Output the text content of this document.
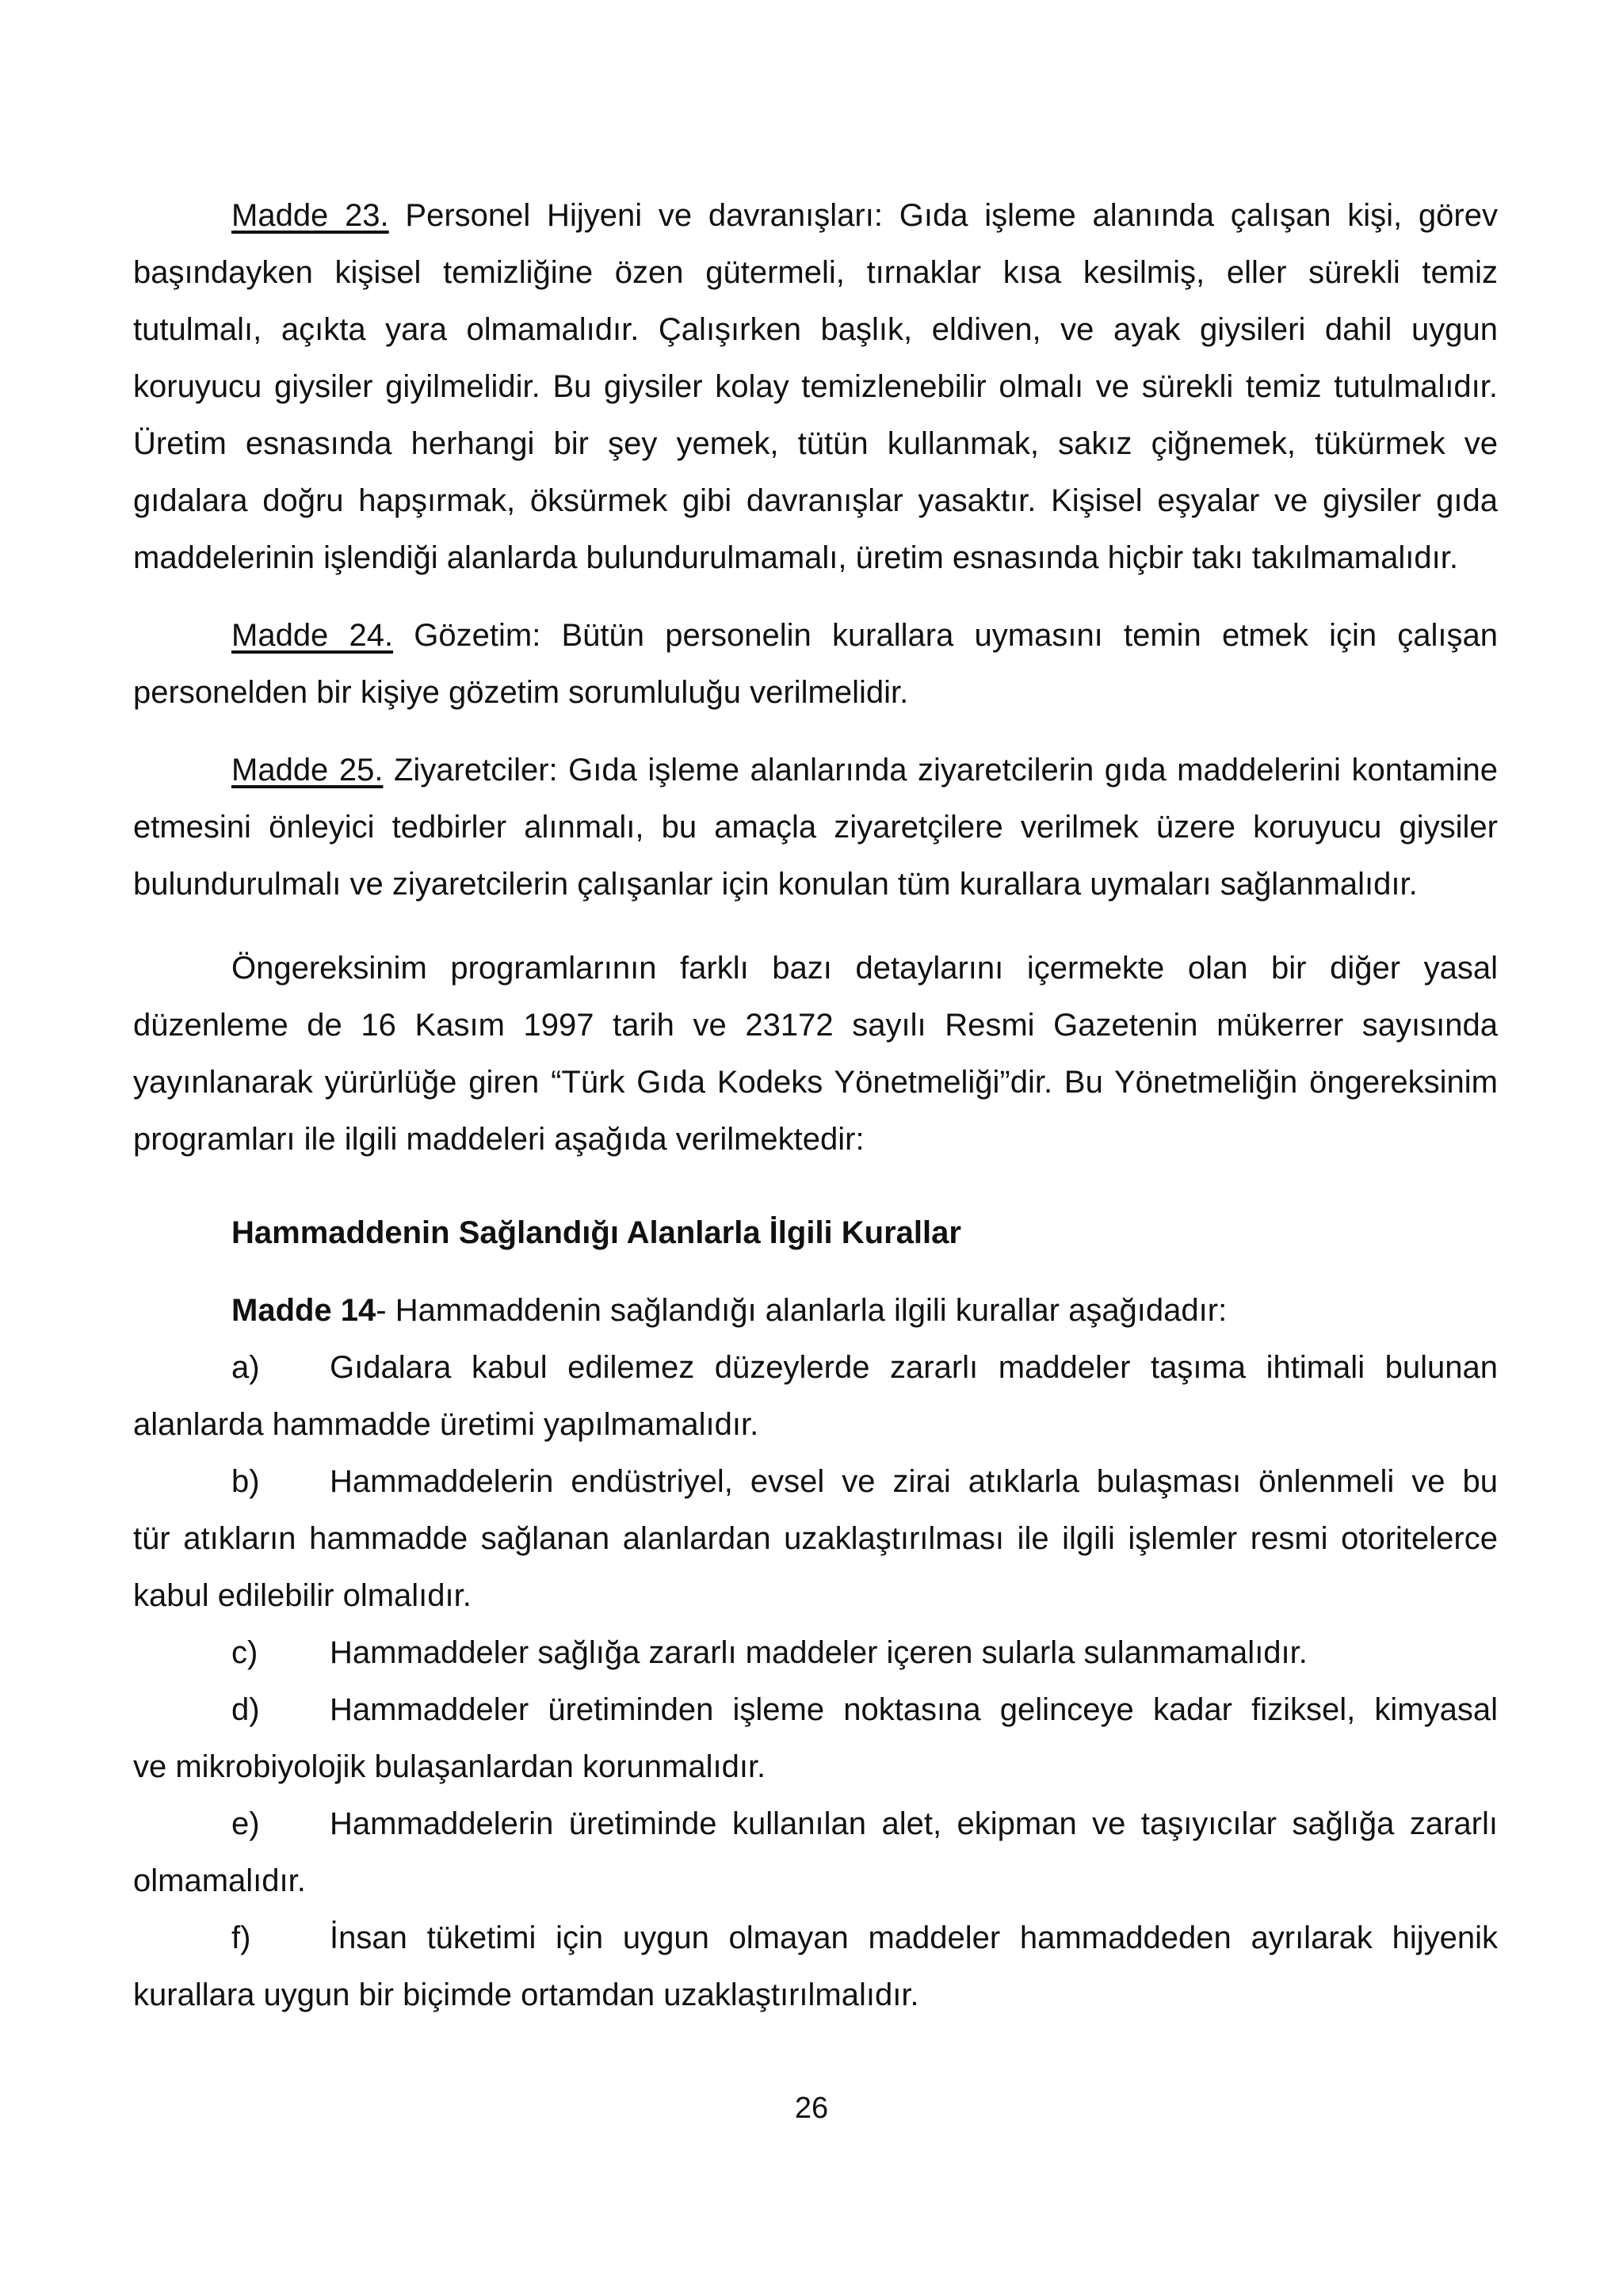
Madde 23. Personel Hijyeni ve davranışları: Gıda işleme alanında çalışan kişi, görev başındayken kişisel temizliğine özen gütermeli, tırnaklar kısa kesilmiş, eller sürekli temiz tutulmalı, açıkta yara olmamalıdır. Çalışırken başlık, eldiven, ve ayak giysileri dahil uygun koruyucu giysiler giyilmelidir. Bu giysiler kolay temizlenebilir olmalı ve sürekli temiz tutulmalıdır. Üretim esnasında herhangi bir şey yemek, tütün kullanmak, sakız çiğnemek, tükürmek ve gıdalara doğru hapşırmak, öksürmek gibi davranışlar yasaktır. Kişisel eşyalar ve giysiler gıda maddelerinin işlendiği alanlarda bulundurulmamalı, üretim esnasında hiçbir takı takılmamalıdır.

Madde 24. Gözetim: Bütün personelin kurallara uymasını temin etmek için çalışan personelden bir kişiye gözetim sorumluluğu verilmelidir.

Madde 25. Ziyaretciler: Gıda işleme alanlarında ziyaretcilerin gıda maddelerini kontamine etmesini önleyici tedbirler alınmalı, bu amaçla ziyaretçilere verilmek üzere koruyucu giysiler bulundurulmalı ve ziyaretcilerin çalışanlar için konulan tüm kurallara uymaları sağlanmalıdır.

Öngereksinim programlarının farklı bazı detaylarını içermekte olan bir diğer yasal düzenleme de 16 Kasım 1997 tarih ve 23172 sayılı Resmi Gazetenin mükerrer sayısında yayınlanarak yürürlüğe giren “Türk Gıda Kodeks Yönetmeliği”dir. Bu Yönetmeliğin öngereksinim programları ile ilgili maddeleri aşağıda verilmektedir:

Hammaddenin Sağlandığı Alanlarla İlgili Kurallar

Madde 14- Hammaddenin sağlandığı alanlarla ilgili kurallar aşağıdadır:

a)	Gıdalara kabul edilemez düzeylerde zararlı maddeler taşıma ihtimali bulunan

alanlarda hammadde üretimi yapılmamalıdır.

b)	Hammaddelerin endüstriyel, evsel ve zirai atıklarla bulaşması önlenmeli ve bu

tür atıkların hammadde sağlanan alanlardan uzaklaştırılması ile ilgili işlemler resmi otoritelerce kabul edilebilir olmalıdır.

c)	Hammaddeler sağlığa zararlı maddeler içeren sularla sulanmamalıdır.
d)	Hammaddeler üretiminden işleme noktasına gelinceye kadar fiziksel, kimyasal

ve mikrobiyolojik bulaşanlardan korunmalıdır.

e)	Hammaddelerin üretiminde kullanılan alet, ekipman ve taşıyıcılar sağlığa zararlı

olmamalıdır.

f)	İnsan tüketimi için uygun olmayan maddeler hammaddeden ayrılarak hijyenik

kurallara uygun bir biçimde ortamdan uzaklaştırılmalıdır.

26
